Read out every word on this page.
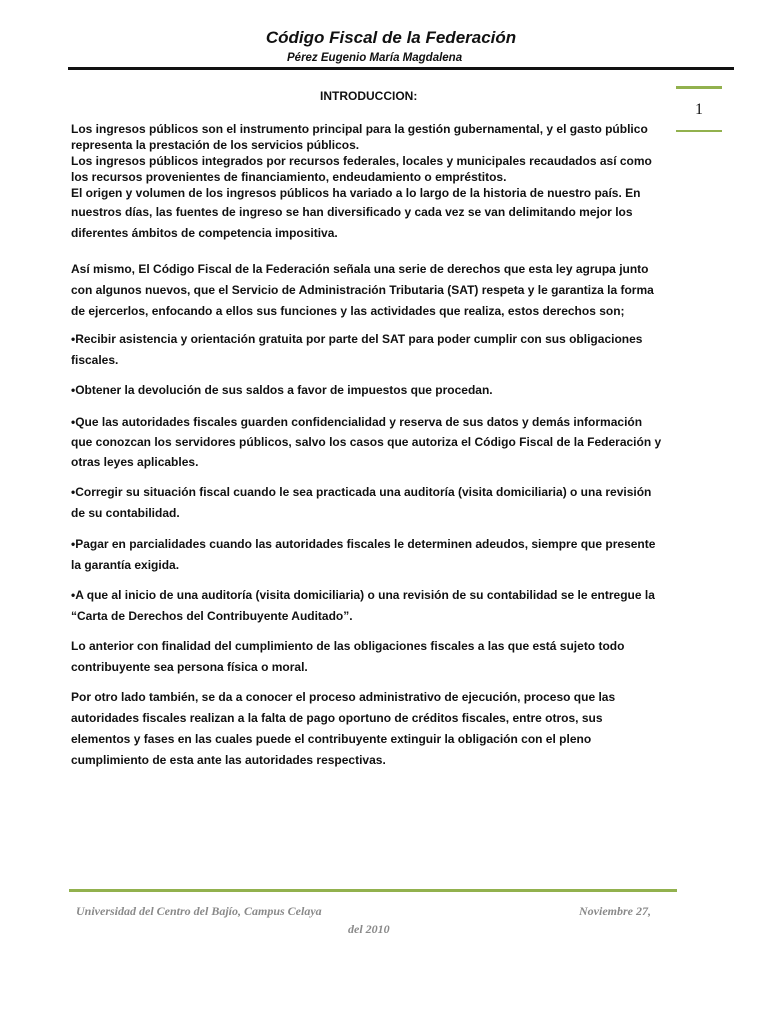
Código Fiscal de la Federación
Pérez Eugenio María Magdalena
1
INTRODUCCION:
Los ingresos públicos son el instrumento principal para la gestión gubernamental, y el gasto público
representa la prestación de los servicios públicos.
Los ingresos públicos integrados por recursos federales, locales y municipales recaudados así como
los recursos provenientes de financiamiento, endeudamiento o empréstitos.
El origen y volumen de los ingresos públicos ha variado a lo largo de la historia de nuestro país. En
nuestros días, las fuentes de ingreso se han diversificado y cada vez se van delimitando mejor los
diferentes ámbitos de competencia impositiva.
Así mismo, El Código Fiscal de la Federación señala una serie de derechos que esta ley agrupa junto
con algunos nuevos, que el Servicio de Administración Tributaria (SAT) respeta y le garantiza la forma
de ejercerlos, enfocando a ellos sus funciones y las actividades que realiza, estos derechos son;
•Recibir asistencia y orientación gratuita por parte del SAT para poder cumplir con sus obligaciones
fiscales.
•Obtener la devolución de sus saldos a favor de impuestos que procedan.
•Que las autoridades fiscales guarden confidencialidad y reserva de sus datos y demás información
que conozcan los servidores públicos, salvo los casos que autoriza el Código Fiscal de la Federación y
otras leyes aplicables.
•Corregir su situación fiscal cuando le sea practicada una auditoría (visita domiciliaria) o una revisión
de su contabilidad.
•Pagar en parcialidades cuando las autoridades fiscales le determinen adeudos, siempre que presente
la garantía exigida.
•A que al inicio de una auditoría (visita domiciliaria) o una revisión de su contabilidad se le entregue la
“Carta de Derechos del Contribuyente Auditado”.
Lo anterior con finalidad del cumplimiento de las obligaciones fiscales a las que está sujeto todo
contribuyente sea persona física o moral.
Por otro lado también, se da a conocer el proceso administrativo de ejecución, proceso que las
autoridades fiscales realizan a la falta de pago oportuno de créditos fiscales, entre otros, sus
elementos y fases en las cuales puede el contribuyente extinguir la obligación con el pleno
cumplimiento de esta ante las autoridades respectivas.
Universidad del Centro del Bajío, Campus Celaya	Noviembre 27,
del 2010
